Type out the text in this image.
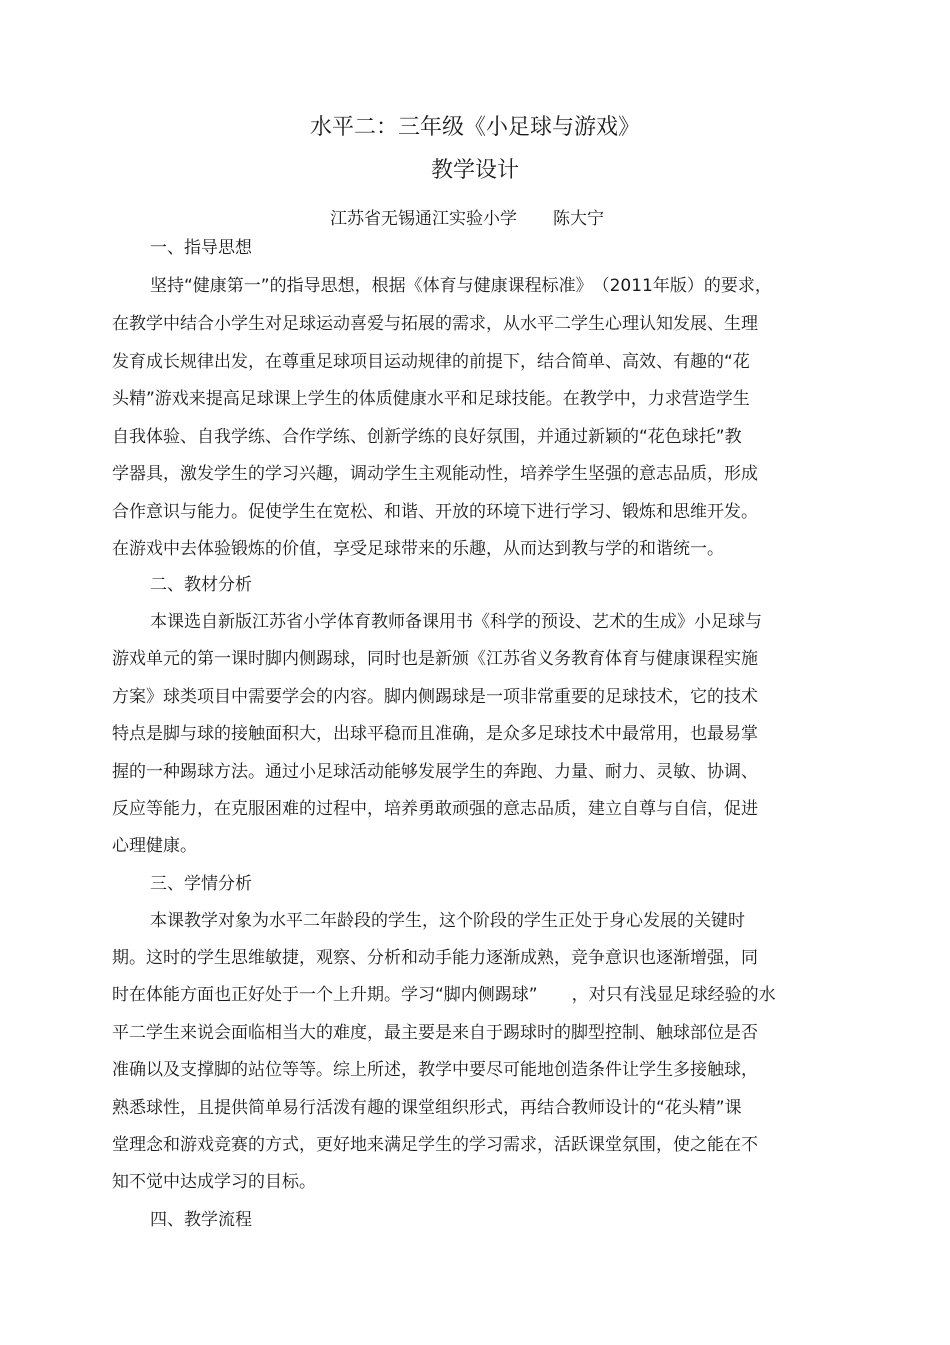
水平二：三年级《小足球与游戏》
教学设计
江苏省无锡通江实验小学 陈大宁
一、指导思想
坚持“健康第一”的指导思想，根据《体育与健康课程标准》　（2011年版）的要求，
在教学中结合小学生对足球运动喜爱与拓展的需求，从水平二学生心理认知发展、生理
发育成长规律出发，在尊重足球项目运动规律的前提下，结合简单、高效、有趣的“花
头精”游戏来提高足球课上学生的体质健康水平和足球技能。在教学中，力求营造学生
自我体验、自我学练、合作学练、创新学练的良好氛围，并通过新颖的“花色球托”教
学器具，激发学生的学习兴趣，调动学生主观能动性，培养学生坚强的意志品质，形成
合作意识与能力。促使学生在宽松、和谐、开放的环境下进行学习、锻炼和思维开发。
在游戏中去体验锻炼的价值，享受足球带来的乐趣，从而达到教与学的和谐统一。
二、教材分析
本课选自新版江苏省小学体育教师备课用书《科学的预设、艺术的生成》小足球与
游戏单元的第一课时脚内侧踢球，同时也是新颁《江苏省义务教育体育与健康课程实施
方案》球类项目中需要学会的内容。脚内侧踢球是一项非常重要的足球技术，它的技术
特点是脚与球的接触面积大，出球平稳而且准确，是众多足球技术中最常用，也最易掌
握的一种踢球方法。通过小足球活动能够发展学生的奔跑、力量、耐力、灵敏、协调、
反应等能力，在克服困难的过程中，培养勇敢顽强的意志品质，建立自尊与自信，促进
心理健康。
三、学情分析
本课教学对象为水平二年龄段的学生，这个阶段的学生正处于身心发展的关键时
期。这时的学生思维敏捷，观察、分析和动手能力逐渐成熟，竞争意识也逐渐增强，同
时在体能方面也正好处于一个上升期。学习“脚内侧踢球”　　，对只有浅显足球经验的水
平二学生来说会面临相当大的难度，最主要是来自于踢球时的脚型控制、触球部位是否
准确以及支撑脚的站位等等。综上所述，教学中要尽可能地创造条件让学生多接触球，
熟悉球性，且提供简单易行活泼有趣的课堂组织形式，再结合教师设计的“花头精”课
堂理念和游戏竞赛的方式，更好地来满足学生的学习需求，活跃课堂氛围，使之能在不
知不觉中达成学习的目标。
四、教学流程
